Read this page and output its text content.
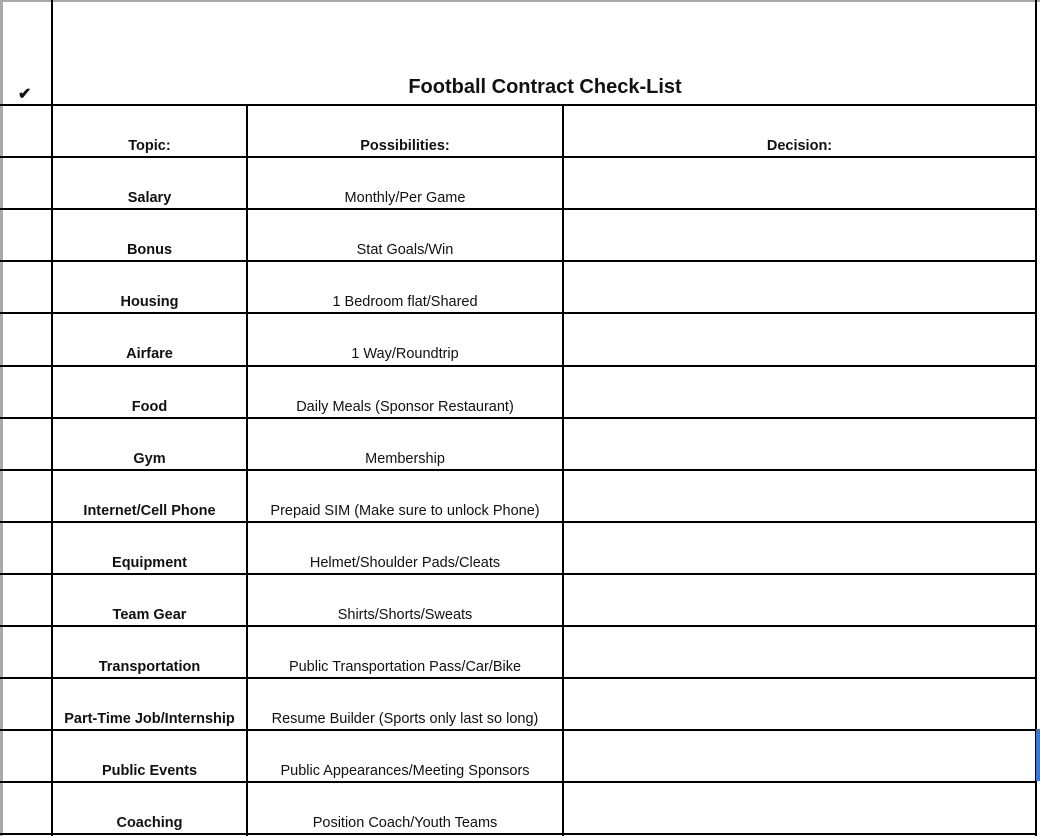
✔	Football Contract Check-List
Topic:	Possibilities:	Decision:
Salary	Monthly/Per Game
Bonus	Stat Goals/Win
Housing	1 Bedroom flat/Shared
Airfare	1 Way/Roundtrip
Food	Daily Meals (Sponsor Restaurant)
Gym	Membership
Internet/Cell Phone	Prepaid SIM (Make sure to unlock Phone)
Equipment	Helmet/Shoulder Pads/Cleats
Team Gear	Shirts/Shorts/Sweats
Transportation	Public Transportation Pass/Car/Bike
Part-Time Job/Internship	Resume Builder (Sports only last so long)
Public Events	Public Appearances/Meeting Sponsors
Coaching	Position Coach/Youth Teams
